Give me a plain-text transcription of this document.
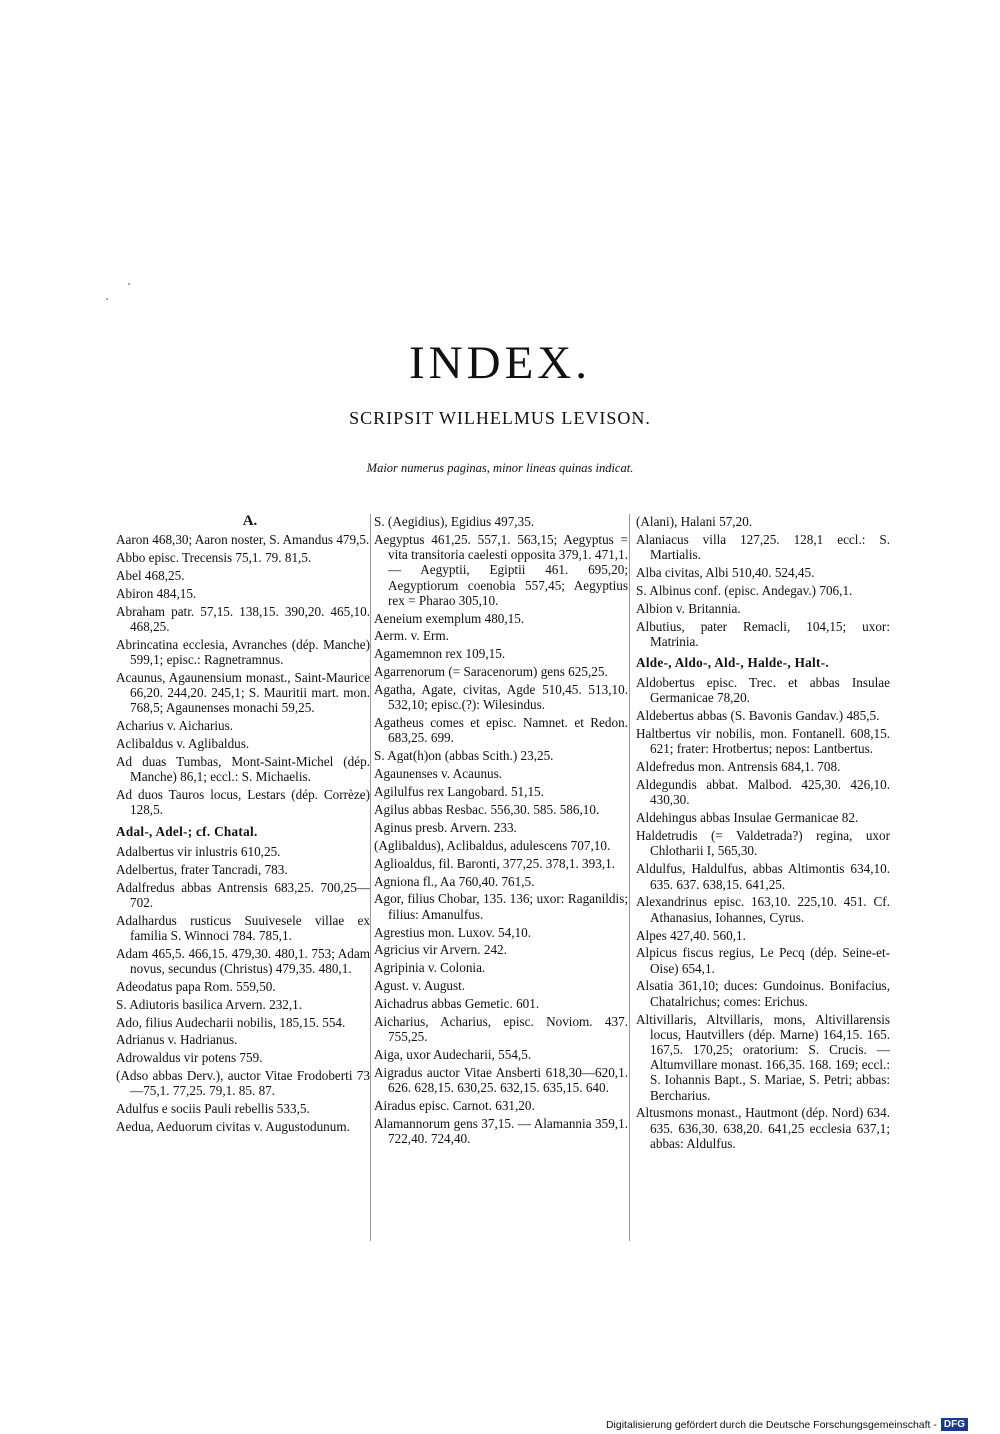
INDEX.
SCRIPSIT WILHELMUS LEVISON.
Maior numerus paginas, minor lineas quinas indicat.
A.
Aaron 468,30; Aaron noster, S. Amandus 479,5.
Abbo episc. Trecensis 75,1. 79. 81,5.
Abel 468,25.
Abiron 484,15.
Abraham patr. 57,15. 138,15. 390,20. 465,10. 468,25.
Abrincatina ecclesia, Avranches (dép. Manche) 599,1; episc.: Ragnetramnus.
Acaunus, Agaunensium monast., Saint-Maurice 66,20. 244,20. 245,1; S. Mauritii mart. mon. 768,5; Agaunenses monachi 59,25.
Acharius v. Aicharius.
Aclibaldus v. Aglibaldus.
Ad duas Tumbas, Mont-Saint-Michel (dép. Manche) 86,1; eccl.: S. Michaelis.
Ad duos Tauros locus, Lestars (dép. Corrèze) 128,5.
Adal-, Adel-; cf. Chatal.
Adalbertus vir inlustris 610,25.
Adelbertus, frater Tancradi, 783.
Adalfredus abbas Antrensis 683,25. 700,25—702.
Adalhardus rusticus Suuivesele villae ex familia S. Winnoci 784. 785,1.
Adam 465,5. 466,15. 479,30. 480,1. 753; Adam novus, secundus (Christus) 479,35. 480,1.
Adeodatus papa Rom. 559,50.
S. Adiutoris basilica Arvern. 232,1.
Ado, filius Audecharii nobilis, 185,15. 554.
Adrianus v. Hadrianus.
Adrowaldus vir potens 759.
(Adso abbas Derv.), auctor Vitae Frodoberti 73—75,1. 77,25. 79,1. 85. 87.
Adulfus e sociis Pauli rebellis 533,5.
Aedua, Aeduorum civitas v. Augustodunum.
S. (Aegidius), Egidius 497,35.
Aegyptus 461,25. 557,1. 563,15; Aegyptus = vita transitoria caelesti opposita 379,1. 471,1. — Aegyptii, Egiptii 461. 695,20; Aegyptiorum coenobia 557,45; Aegyptius rex = Pharao 305,10.
Aeneium exemplum 480,15.
Aerm. v. Erm.
Agamemnon rex 109,15.
Agarrenorum (= Saracenorum) gens 625,25.
Agatha, Agate, civitas, Agde 510,45. 513,10. 532,10; episc.(?): Wilesindus.
Agatheus comes et episc. Namnet. et Redon. 683,25. 699.
S. Agat(h)on (abbas Scith.) 23,25.
Agaunenses v. Acaunus.
Agilulfus rex Langobard. 51,15.
Agilus abbas Resbac. 556,30. 585. 586,10.
Aginus presb. Arvern. 233.
(Aglibaldus), Aclibaldus, adulescens 707,10.
Aglioaldus, fil. Baronti, 377,25. 378,1. 393,1.
Agniona fl., Aa 760,40. 761,5.
Agor, filius Chobar, 135. 136; uxor: Raganildis; filius: Amanulfus.
Agrestius mon. Luxov. 54,10.
Agricius vir Arvern. 242.
Agripinia v. Colonia.
Agust. v. August.
Aichadrus abbas Gemetic. 601.
Aicharius, Acharius, episc. Noviom. 437. 755,25.
Aiga, uxor Audecharii, 554,5.
Aigradus auctor Vitae Ansberti 618,30—620,1. 626. 628,15. 630,25. 632,15. 635,15. 640.
Airadus episc. Carnot. 631,20.
Alamannorum gens 37,15. — Alamannia 359,1. 722,40. 724,40.
(Alani), Halani 57,20.
Alaniacus villa 127,25. 128,1 eccl.: S. Martialis.
Alba civitas, Albi 510,40. 524,45.
S. Albinus conf. (episc. Andegav.) 706,1.
Albion v. Britannia.
Albutius, pater Remacli, 104,15; uxor: Matrinia.
Alde-, Aldo-, Ald-, Halde-, Halt-.
Aldobertus episc. Trec. et abbas Insulae Germanicae 78,20.
Aldebertus abbas (S. Bavonis Gandav.) 485,5.
Haltbertus vir nobilis, mon. Fontanell. 608,15. 621; frater: Hrotbertus; nepos: Lantbertus.
Aldefredus mon. Antrensis 684,1. 708.
Aldegundis abbat. Malbod. 425,30. 426,10. 430,30.
Aldehingus abbas Insulae Germanicae 82.
Haldetrudis (= Valdetrada?) regina, uxor Chlotharii I, 565,30.
Aldulfus, Haldulfus, abbas Altimontis 634,10. 635. 637. 638,15. 641,25.
Alexandrinus episc. 163,10. 225,10. 451. Cf. Athanasius, Iohannes, Cyrus.
Alpes 427,40. 560,1.
Alpicus fiscus regius, Le Pecq (dép. Seine-et-Oise) 654,1.
Alsatia 361,10; duces: Gundoinus. Bonifacius, Chatalrichus; comes: Erichus.
Altivillaris, Altvillaris, mons, Altivillarensis locus, Hautvillers (dép. Marne) 164,15. 165. 167,5. 170,25; oratorium: S. Crucis. — Altumvillare monast. 166,35. 168. 169; eccl.: S. Iohannis Bapt., S. Mariae, S. Petri; abbas: Bercharius.
Altusmons monast., Hautmont (dép. Nord) 634. 635. 636,30. 638,20. 641,25 ecclesia 637,1; abbas: Aldulfus.
Digitalisierung gefördert durch die Deutsche Forschungsgemeinschaft - DFG
